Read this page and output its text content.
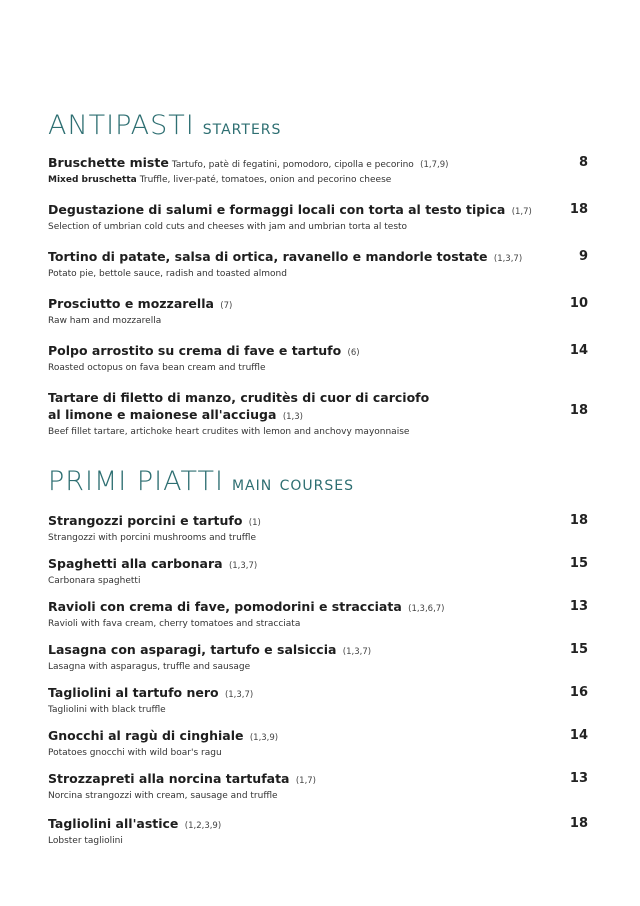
ANTIPASTI starters
Bruschette miste Tartufo, patè di fegatini, pomodoro, cipolla e pecorino (1,7,9)
Mixed bruschetta Truffle, liver-paté, tomatoes, onion and pecorino cheese
8
Degustazione di salumi e formaggi locali con torta al testo tipica (1,7)
Selection of umbrian cold cuts and cheeses with jam and umbrian torta al testo
18
Tortino di patate, salsa di ortica, ravanello e mandorle tostate (1,3,7)
Potato pie, bettole sauce, radish and toasted almond
9
Prosciutto e mozzarella (7)
Raw ham and mozzarella
10
Polpo arrostito su crema di fave e tartufo (6)
Roasted octopus on fava bean cream and truffle
14
Tartare di filetto di manzo, cruditès di cuor di carciofo
al limone e maionese all'acciuga (1,3)
Beef fillet tartare, artichoke heart crudites with lemon and anchovy mayonnaise
18
PRIMI PIATTI main courses
Strangozzi porcini e tartufo (1)
Strangozzi with porcini mushrooms and truffle
18
Spaghetti alla carbonara (1,3,7)
Carbonara spaghetti
15
Ravioli con crema di fave, pomodorini e stracciata (1,3,6,7)
Ravioli with fava cream, cherry tomatoes and stracciata
13
Lasagna con asparagi, tartufo e salsiccia (1,3,7)
Lasagna with asparagus, truffle and sausage
15
Tagliolini al tartufo nero (1,3,7)
Tagliolini with black truffle
16
Gnocchi al ragù di cinghiale (1,3,9)
Potatoes gnocchi with wild boar's ragu
14
Strozzapreti alla norcina tartufata (1,7)
Norcina strangozzi with cream, sausage and truffle
13
Tagliolini all'astice (1,2,3,9)
Lobster tagliolini
18
